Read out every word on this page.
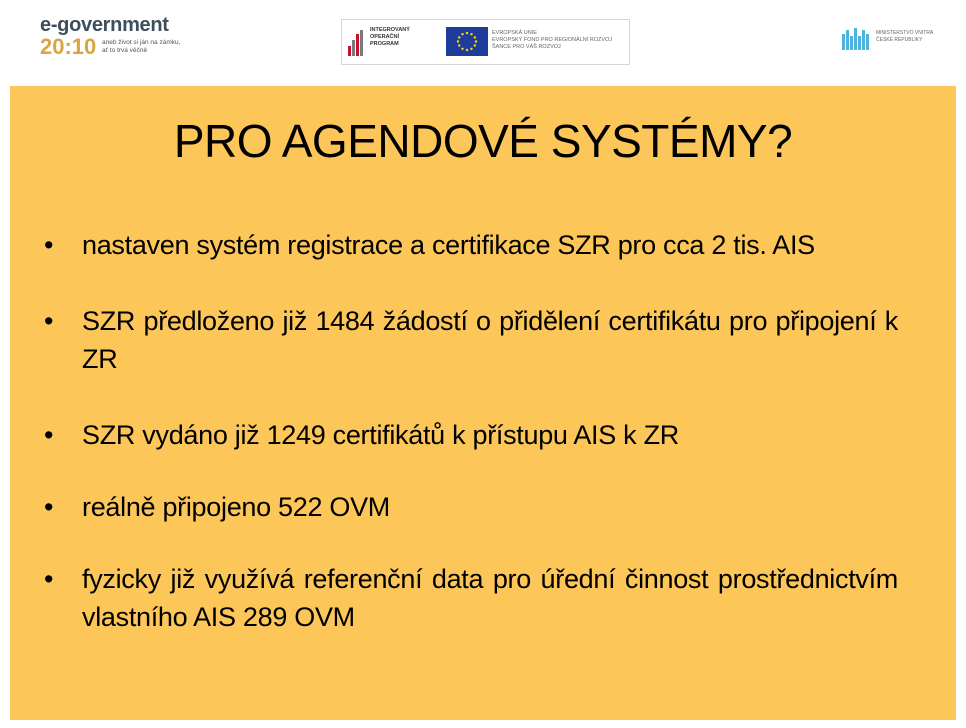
e-government
20:10 aneb život si ján na zámku,
ať to trvá věčně
INTEGROVANÝ
OPERAČNÍ
PROGRAM
EVROPSKÁ UNIE
EVROPSKÝ FOND PRO REGIONÁLNÍ ROZVOJ
ŠANCE PRO VÁŠ ROZVOJ
MINISTERSTVO VNITRA
ČESKÉ REPUBLIKY
PRO AGENDOVÉ SYSTÉMY?
• nastaven systém registrace a certifikace SZR pro cca 2 tis. AIS
• SZR předloženo již 1484 žádostí o přidělení certifikátu pro připojení k ZR
• SZR vydáno již 1249 certifikátů k přístupu AIS k ZR
• reálně připojeno 522 OVM
• fyzicky již využívá referenční data pro úřední činnost prostřednictvím vlastního AIS 289 OVM
